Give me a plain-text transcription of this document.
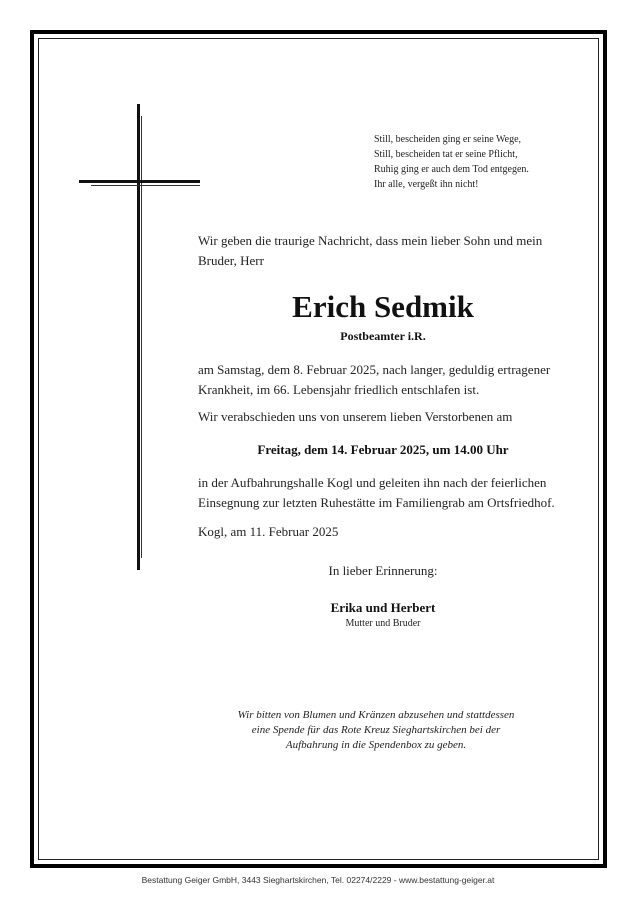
Still, bescheiden ging er seine Wege,
Still, bescheiden tat er seine Pflicht,
Ruhig ging er auch dem Tod entgegen.
Ihr alle, vergeßt ihn nicht!
Wir geben die traurige Nachricht, dass mein lieber Sohn und mein
Bruder, Herr
Erich Sedmik
Postbeamter i.R.
am Samstag, dem 8. Februar 2025, nach langer, geduldig ertragener
Krankheit, im 66. Lebensjahr friedlich entschlafen ist.
Wir verabschieden uns von unserem lieben Verstorbenen am
Freitag, dem 14. Februar 2025, um 14.00 Uhr
in der Aufbahrungshalle Kogl und geleiten ihn nach der feierlichen
Einsegnung zur letzten Ruhestätte im Familiengrab am Ortsfriedhof.
Kogl, am 11. Februar 2025
In lieber Erinnerung:
Erika und Herbert
Mutter und Bruder
Wir bitten von Blumen und Kränzen abzusehen und stattdessen
eine Spende für das Rote Kreuz Sieghartskirchen bei der
Aufbahrung in die Spendenbox zu geben.
Bestattung Geiger GmbH, 3443 Sieghartskirchen, Tel. 02274/2229 - www.bestattung-geiger.at
